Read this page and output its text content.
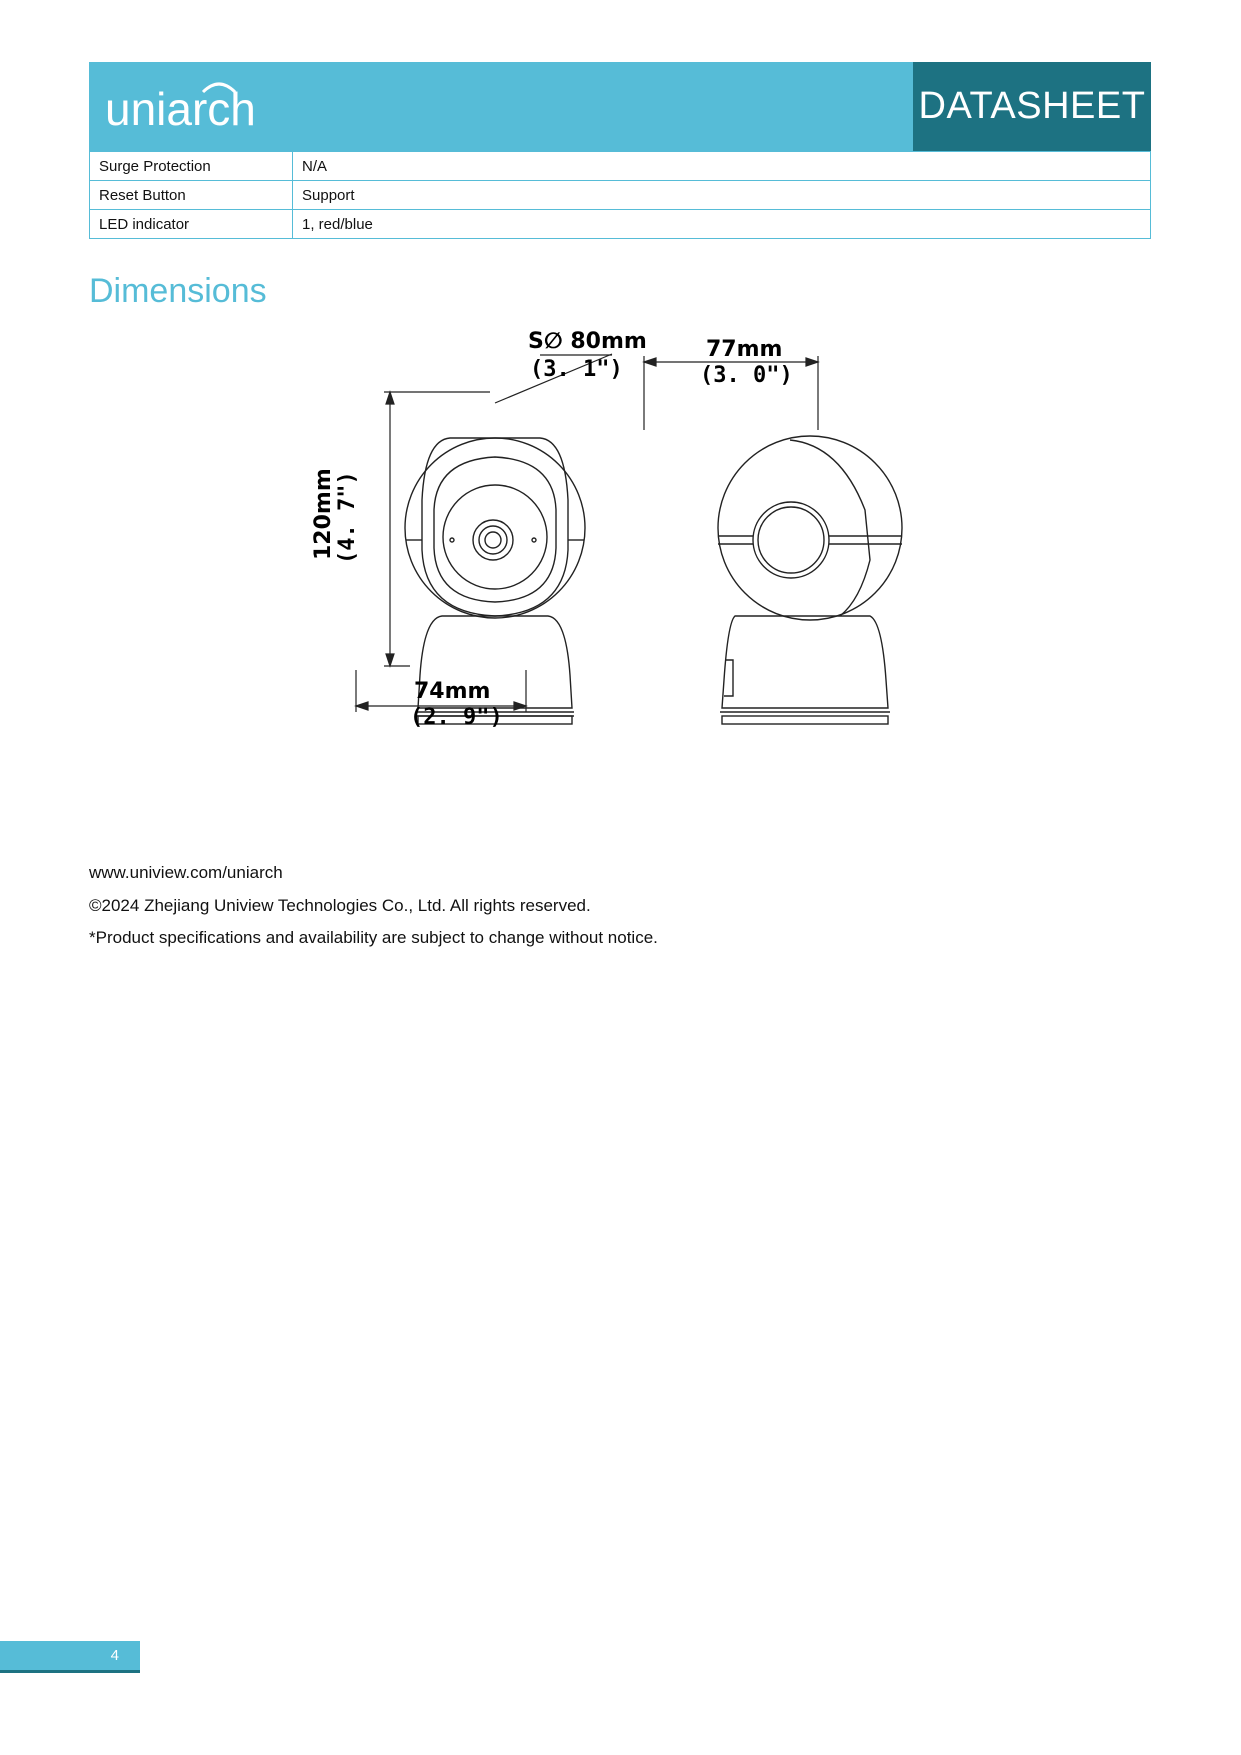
uniarch	DATASHEET
Surge Protection	N/A
Reset Button	Support
LED indicator	1, red/blue
Dimensions
S∅ 80mm
(3. 1")
77mm
(3. 0")
120mm (4. 7")
74mm
(2. 9")
www.uniview.com/uniarch
©2024 Zhejiang Uniview Technologies Co., Ltd. All rights reserved.
*Product specifications and availability are subject to change without notice.
4
